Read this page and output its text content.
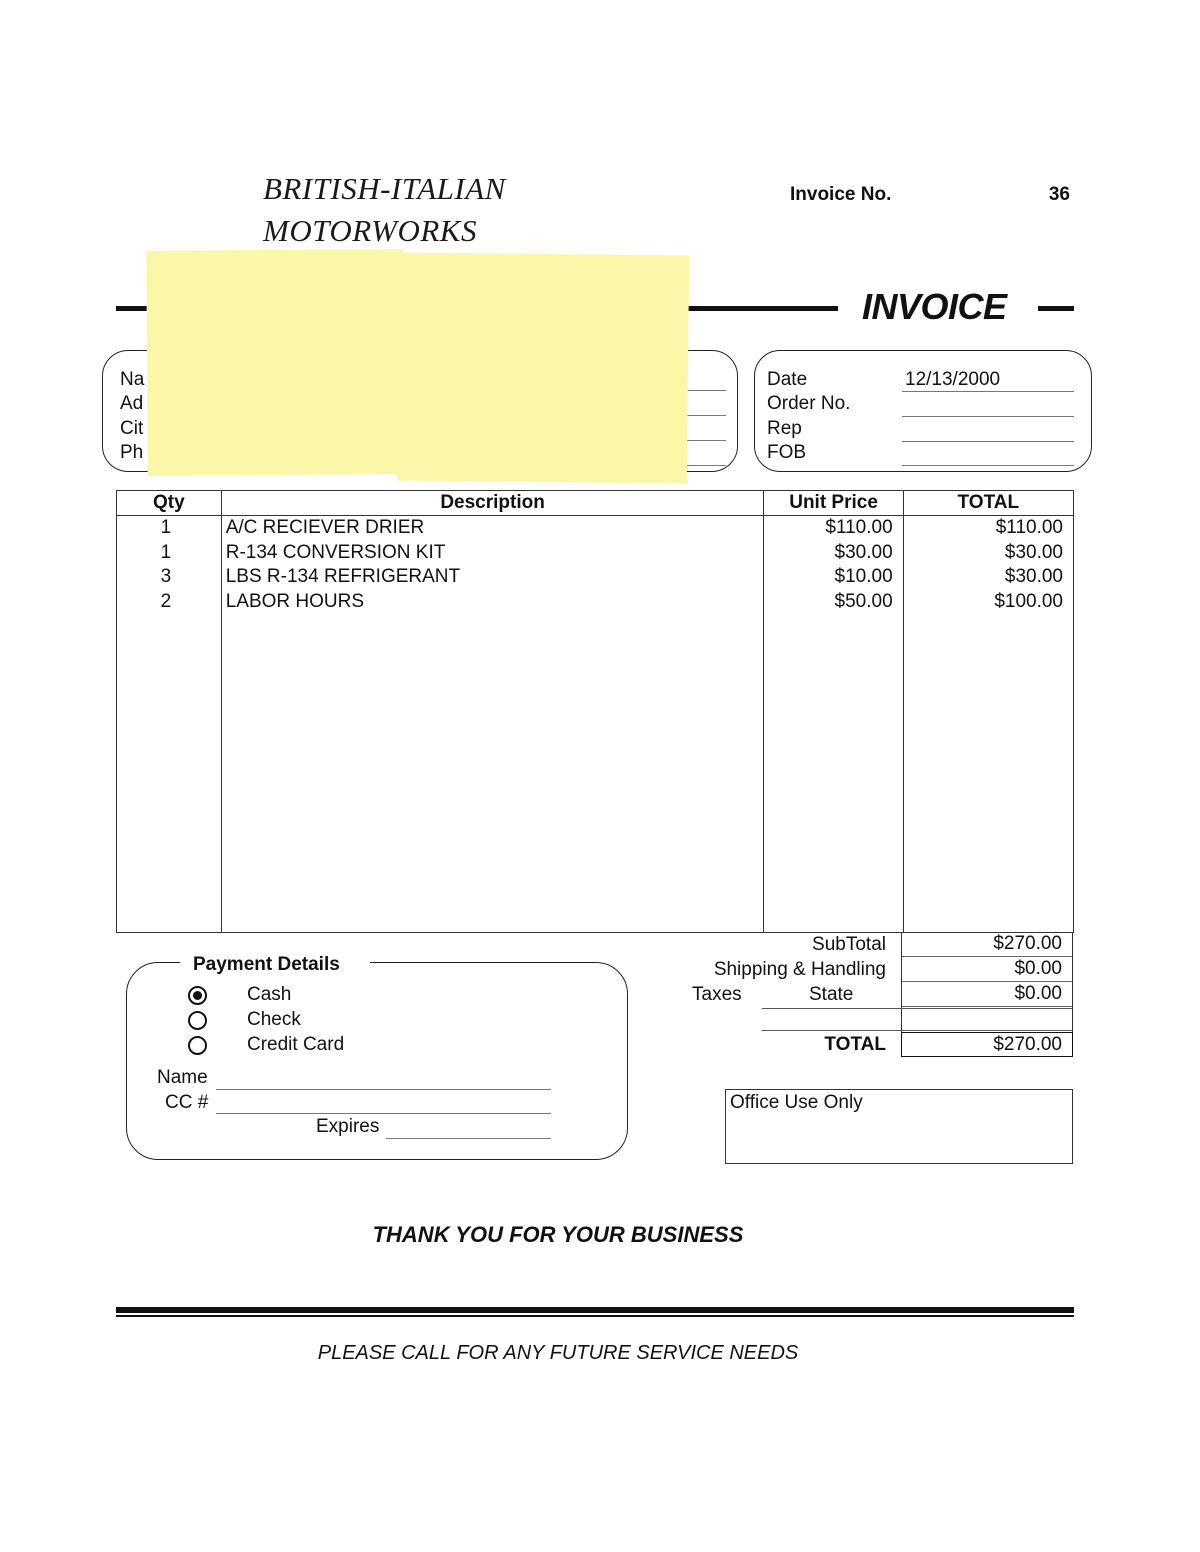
BRITISH-ITALIAN
MOTORWORKS
Invoice No.	36
INVOICE
Na
Ad
Cit
Ph
Date	12/13/2000
Order No.
Rep
FOB
Qty	Description	Unit Price	TOTAL
1	A/C RECIEVER DRIER	$110.00	$110.00
1	R-134 CONVERSION KIT	$30.00	$30.00
3	LBS R-134 REFRIGERANT	$10.00	$30.00
2	LABOR HOURS	$50.00	$100.00

SubTotal	$270.00
Shipping & Handling	$0.00
Taxes	State	$0.00
TOTAL	$270.00
Payment Details
Cash
Check
Credit Card
Name
CC #
Expires
Office Use Only
THANK YOU FOR YOUR BUSINESS
PLEASE CALL FOR ANY FUTURE SERVICE NEEDS
